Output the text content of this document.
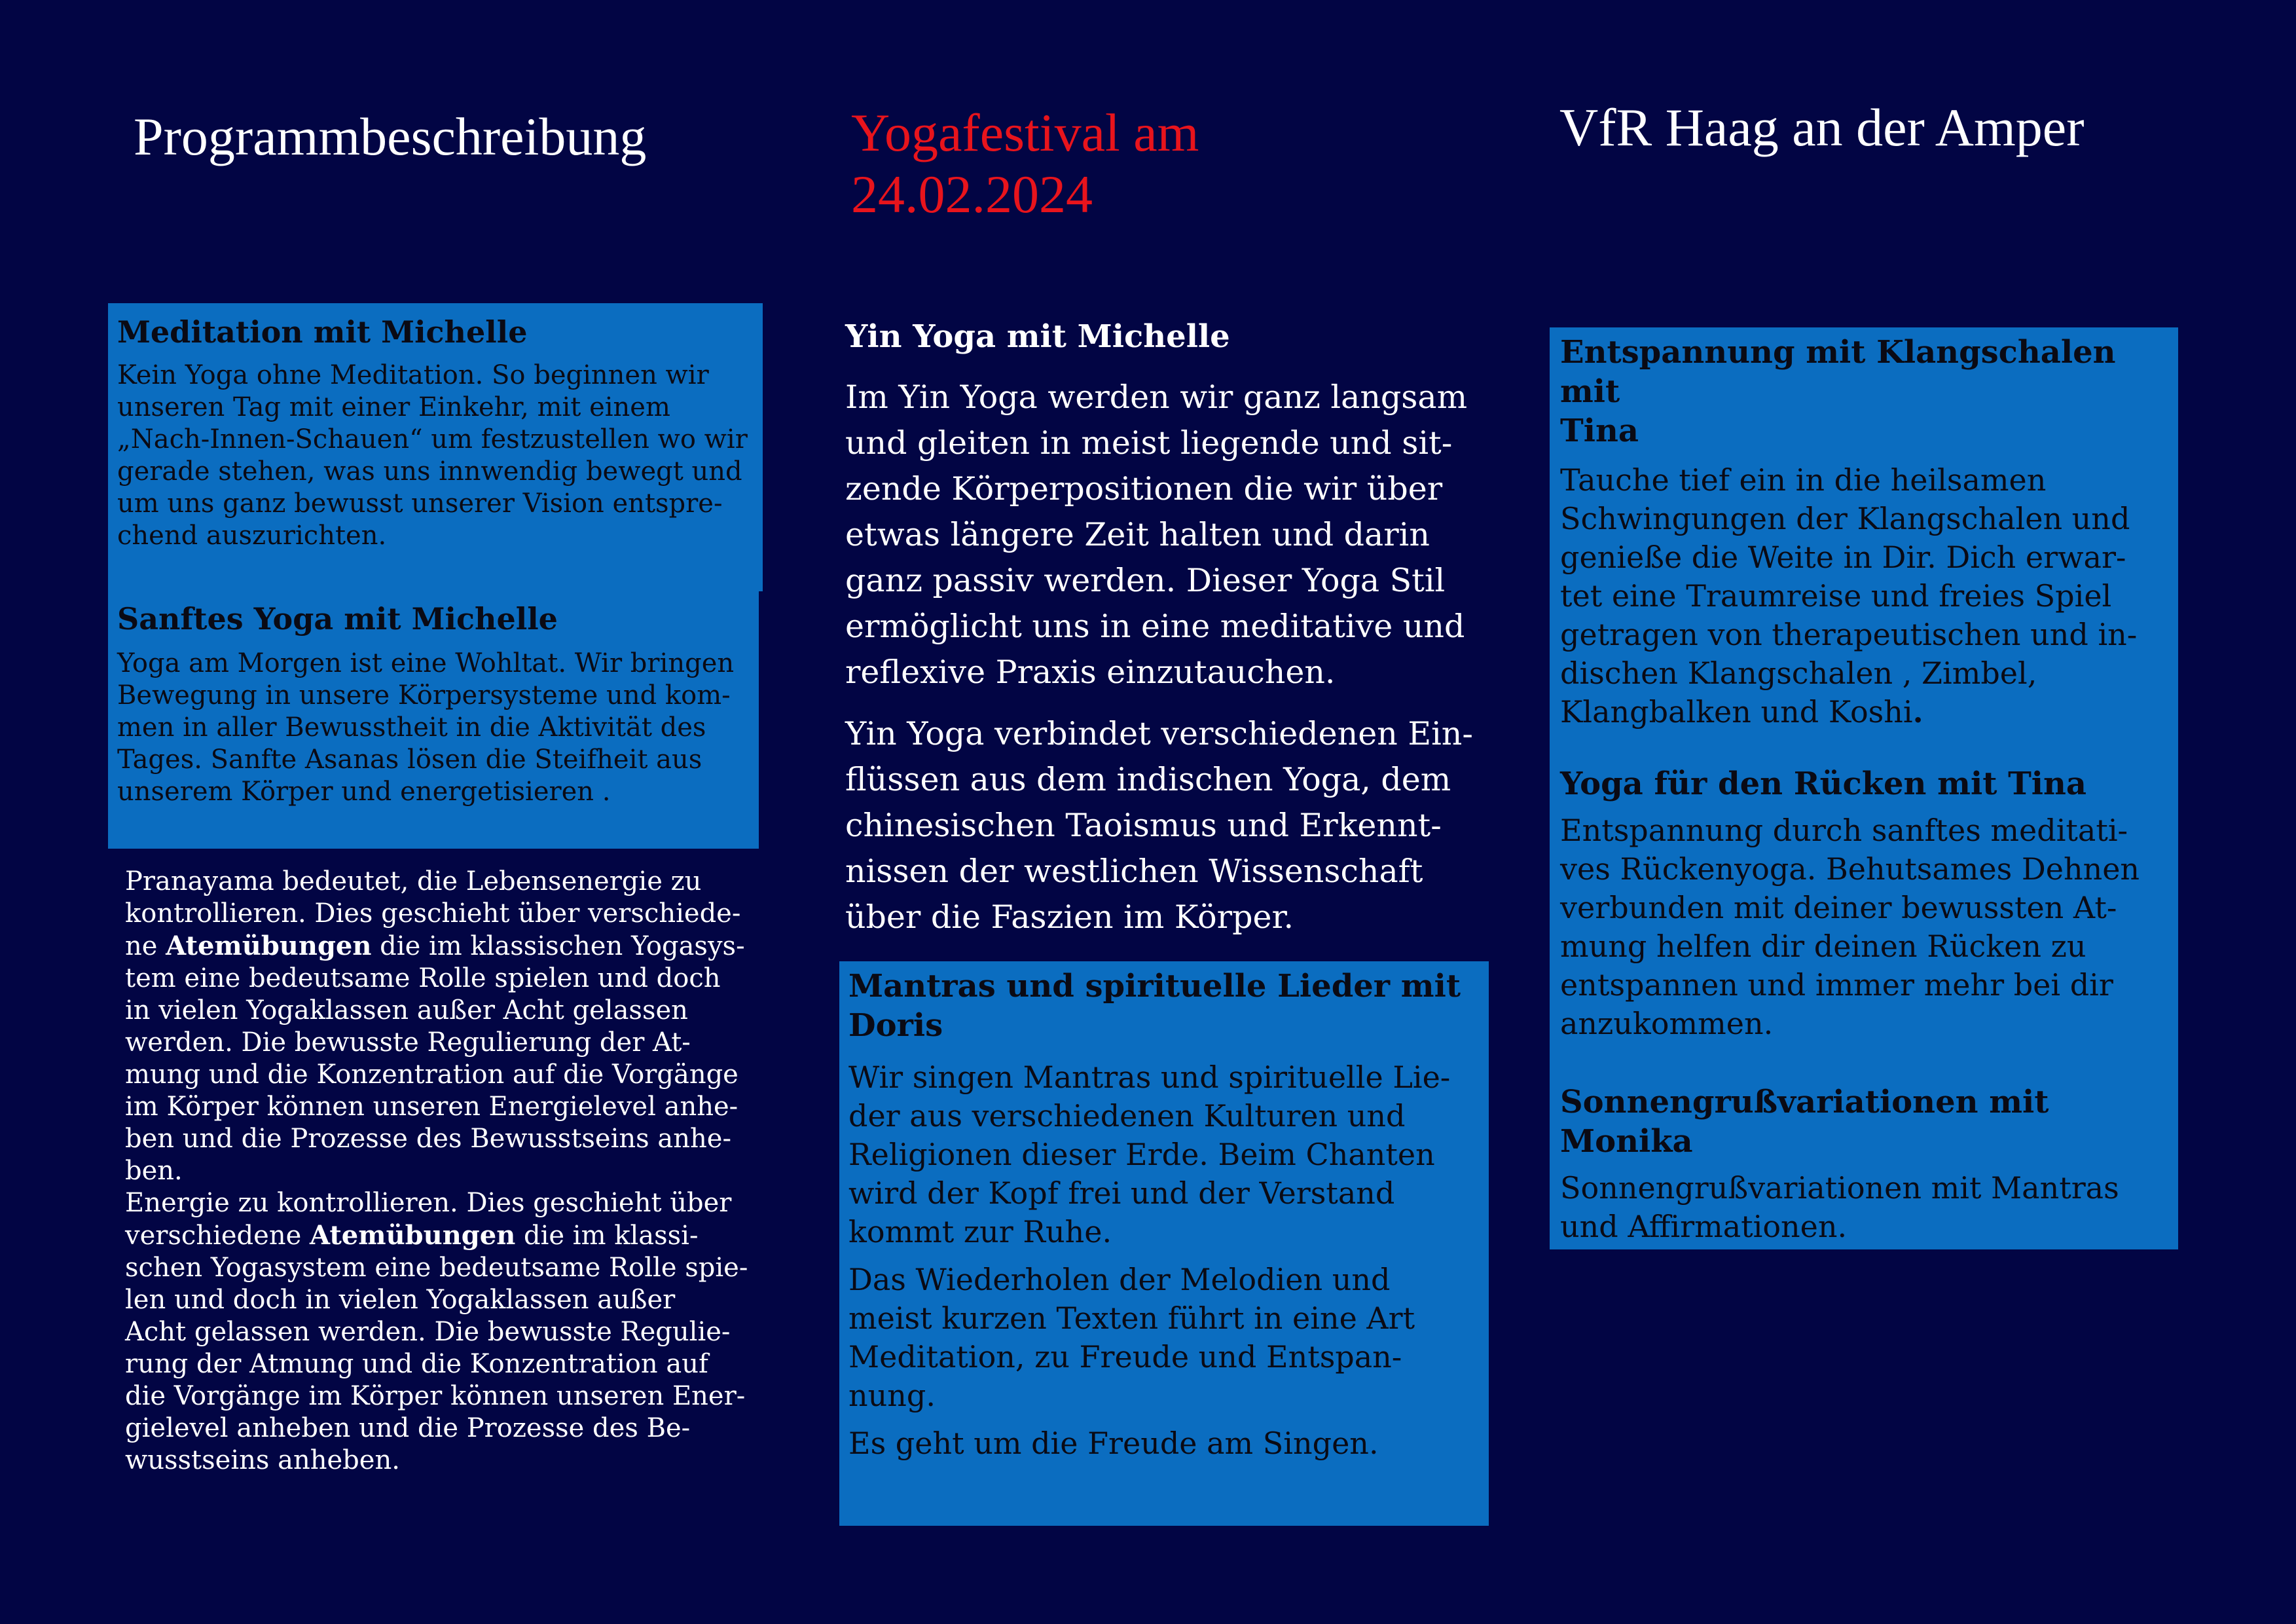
Programmbeschreibung	Yogafestival am
24.02.2024
VfR Haag an der Amper
Meditation mit Michelle

Kein Yoga ohne Meditation. So beginnen wir
unseren Tag mit einer Einkehr, mit einem
„Nach-Innen-Schauen“ um festzustellen wo wir
gerade stehen, was uns innwendig bewegt und
um uns ganz bewusst unserer Vision entspre-
chend auszurichten.

Sanftes Yoga mit Michelle

Yoga am Morgen ist eine Wohltat. Wir bringen
Bewegung in unsere Körpersysteme und kom-
men in aller Bewusstheit in die Aktivität des
Tages. Sanfte Asanas lösen die Steifheit aus
unserem Körper und energetisieren .

Pranayama bedeutet, die Lebensenergie zu
kontrollieren. Dies geschieht über verschiede-
ne Atemübungen die im klassischen Yogasys-
tem eine bedeutsame Rolle spielen und doch
in vielen Yogaklassen außer Acht gelassen
werden. Die bewusste Regulierung der At-
mung und die Konzentration auf die Vorgänge
im Körper können unseren Energielevel anhe-
ben und die Prozesse des Bewusstseins anhe-
ben.

Energie zu kontrollieren. Dies geschieht über
verschiedene Atemübungen die im klassi-
schen Yogasystem eine bedeutsame Rolle spie-
len und doch in vielen Yogaklassen außer
Acht gelassen werden. Die bewusste Regulie-
rung der Atmung und die Konzentration auf
die Vorgänge im Körper können unseren Ener-
gielevel anheben und die Prozesse des Be-
wusstseins anheben.

Yin Yoga mit Michelle

Im Yin Yoga werden wir ganz langsam
und gleiten in meist liegende und sit-
zende Körperpositionen die wir über
etwas längere Zeit halten und darin
ganz passiv werden. Dieser Yoga Stil
ermöglicht uns in eine meditative und
reflexive Praxis einzutauchen.

Yin Yoga verbindet verschiedenen Ein-
flüssen aus dem indischen Yoga, dem
chinesischen Taoismus und Erkennt-
nissen der westlichen Wissenschaft
über die Faszien im Körper.

Mantras und spirituelle Lieder mit
Doris

Wir singen Mantras und spirituelle Lie-
der aus verschiedenen Kulturen und
Religionen dieser Erde. Beim Chanten
wird der Kopf frei und der Verstand
kommt zur Ruhe.

Das Wiederholen der Melodien und
meist kurzen Texten führt in eine Art
Meditation, zu Freude und Entspan-
nung.

Es geht um die Freude am Singen.

Entspannung mit Klangschalen mit
Tina

Tauche tief ein in die heilsamen
Schwingungen der Klangschalen und
genieße die Weite in Dir. Dich erwar-
tet eine Traumreise und freies Spiel
getragen von therapeutischen und in-
dischen Klangschalen , Zimbel,
Klangbalken und Koshi.

Yoga für den Rücken mit Tina

Entspannung durch sanftes meditati-
ves Rückenyoga. Behutsames Dehnen
verbunden mit deiner bewussten At-
mung helfen dir deinen Rücken zu
entspannen und immer mehr bei dir
anzukommen.

Sonnengrußvariationen mit Monika

Sonnengrußvariationen mit Mantras
und Affirmationen.
